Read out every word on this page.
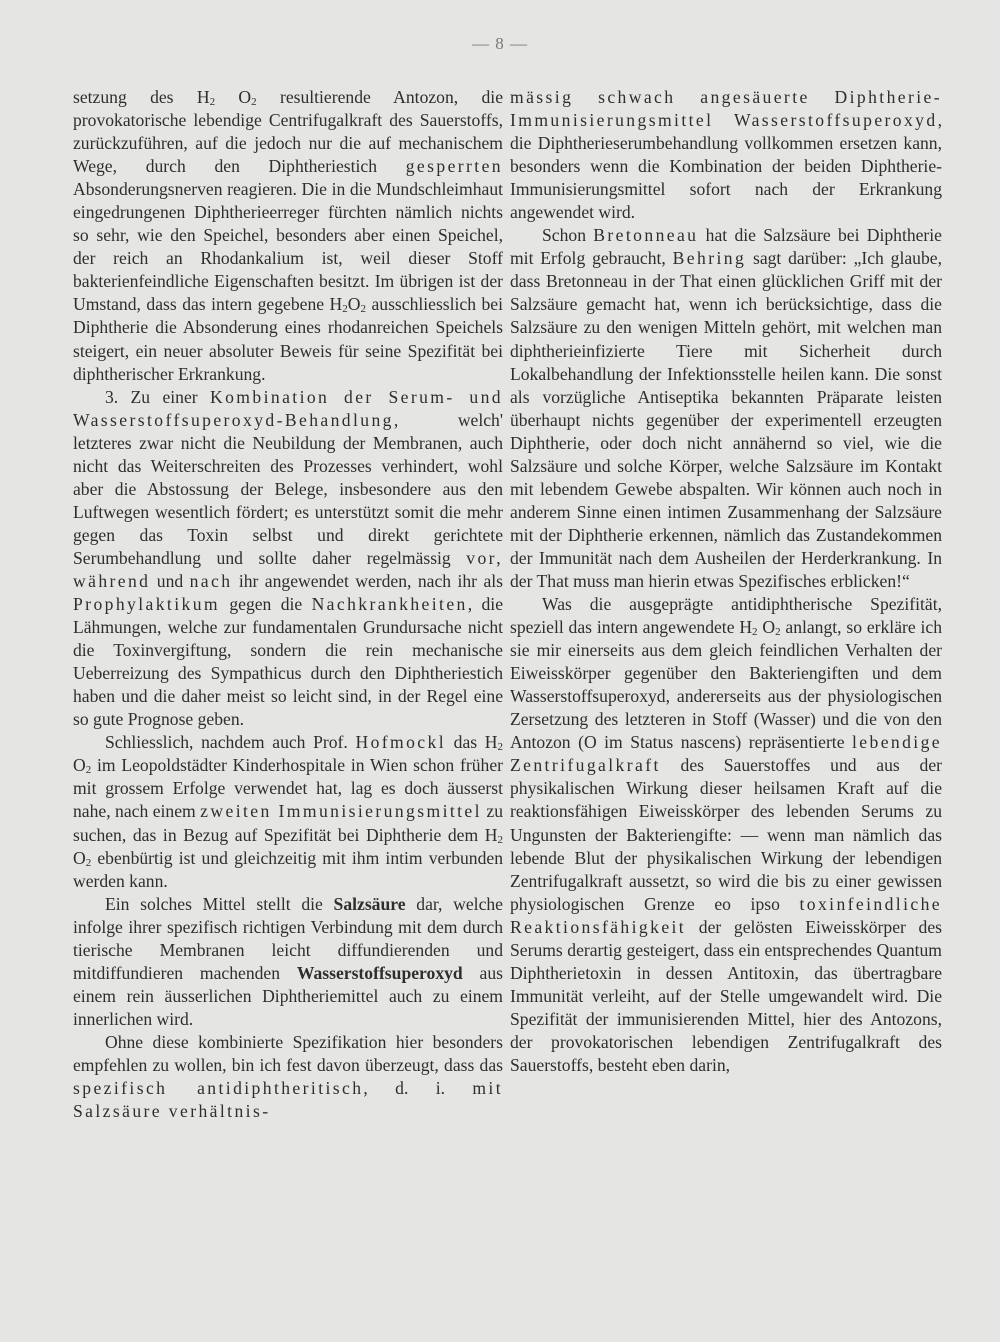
— 8 —

setzung des $H_2$ $O_2$ resultierende Antozon, die provokatorische lebendige Centrifugalkraft des Sauerstoffs, zurückzuführen, auf die jedoch nur die auf mechanischem Wege, durch den Diphtheriestich gesperrten Absonderungsnerven reagieren. Die in die Mundschleimhaut eingedrungenen Diphtherieerreger fürchten nämlich nichts so sehr, wie den Speichel, besonders aber einen Speichel, der reich an Rhodankalium ist, weil dieser Stoff bakterienfeindliche Eigenschaften besitzt. Im übrigen ist der Umstand, dass das intern gegebene $H_2O_2$ ausschliesslich bei Diphtherie die Absonderung eines rhodanreichen Speichels steigert, ein neuer absoluter Beweis für seine Spezifität bei diphtherischer Erkrankung.

3. Zu einer Kombination der Serum- und Wasserstoffsuperoxyd-Behandlung, welch' letzteres zwar nicht die Neubildung der Membranen, auch nicht das Weiterschreiten des Prozesses verhindert, wohl aber die Abstossung der Belege, insbesondere aus den Luftwegen wesentlich fördert; es unterstützt somit die mehr gegen das Toxin selbst und direkt gerichtete Serumbehandlung und sollte daher regelmässig vor, während und nach ihr angewendet werden, nach ihr als Prophylaktikum gegen die Nachkrankheiten, die Lähmungen, welche zur fundamentalen Grundursache nicht die Toxinvergiftung, sondern die rein mechanische Ueberreizung des Sympathicus durch den Diphtheriestich haben und die daher meist so leicht sind, in der Regel eine so gute Prognose geben.

Schliesslich, nachdem auch Prof. Hofmockl das $H_2$ $O_2$ im Leopoldstädter Kinderhospitale in Wien schon früher mit grossem Erfolge verwendet hat, lag es doch äusserst nahe, nach einem zweiten Immunisierungsmittel zu suchen, das in Bezug auf Spezifität bei Diphtherie dem $H_2$ $O_2$ ebenbürtig ist und gleichzeitig mit ihm intim verbunden werden kann.

Ein solches Mittel stellt die Salzsäure dar, welche infolge ihrer spezifisch richtigen Verbindung mit dem durch tierische Membranen leicht diffundierenden und mitdiffundieren machenden Wasserstoffsuperoxyd aus einem rein äusserlichen Diphtheriemittel auch zu einem innerlichen wird.

Ohne diese kombinierte Spezifikation hier besonders empfehlen zu wollen, bin ich fest davon überzeugt, dass das spezifisch antidiphtheritisch, d. i. mit Salzsäure verhältnis-

mässig schwach angesäuerte Diphtherie-Immunisierungsmittel Wasserstoffsuperoxyd, die Diphtherieserumbehandlung vollkommen ersetzen kann, besonders wenn die Kombination der beiden Diphtherie-Immunisierungsmittel sofort nach der Erkrankung angewendet wird.

Schon Bretonneau hat die Salzsäure bei Diphtherie mit Erfolg gebraucht, Behring sagt darüber: „Ich glaube, dass Bretonneau in der That einen glücklichen Griff mit der Salzsäure gemacht hat, wenn ich berücksichtige, dass die Salzsäure zu den wenigen Mitteln gehört, mit welchen man diphtherieinfizierte Tiere mit Sicherheit durch Lokalbehandlung der Infektionsstelle heilen kann. Die sonst als vorzügliche Antiseptika bekannten Präparate leisten überhaupt nichts gegenüber der experimentell erzeugten Diphtherie, oder doch nicht annähernd so viel, wie die Salzsäure und solche Körper, welche Salzsäure im Kontakt mit lebendem Gewebe abspalten. Wir können auch noch in anderem Sinne einen intimen Zusammenhang der Salzsäure mit der Diphtherie erkennen, nämlich das Zustandekommen der Immunität nach dem Ausheilen der Herderkrankung. In der That muss man hierin etwas Spezifisches erblicken!“

Was die ausgeprägte antidiphtherische Spezifität, speziell das intern angewendete $H_2$ $O_2$ anlangt, so erkläre ich sie mir einerseits aus dem gleich feindlichen Verhalten der Eiweisskörper gegenüber den Bakteriengiften und dem Wasserstoffsuperoxyd, andererseits aus der physiologischen Zersetzung des letzteren in Stoff (Wasser) und die von den Antozon (O im Status nascens) repräsentierte lebendige Zentrifugalkraft des Sauerstoffes und aus der physikalischen Wirkung dieser heilsamen Kraft auf die reaktionsfähigen Eiweisskörper des lebenden Serums zu Ungunsten der Bakteriengifte: — wenn man nämlich das lebende Blut der physikalischen Wirkung der lebendigen Zentrifugalkraft aussetzt, so wird die bis zu einer gewissen physiologischen Grenze eo ipso toxinfeindliche Reaktionsfähigkeit der gelösten Eiweisskörper des Serums derartig gesteigert, dass ein entsprechendes Quantum Diphtherietoxin in dessen Antitoxin, das übertragbare Immunität verleiht, auf der Stelle umgewandelt wird. Die Spezifität der immunisierenden Mittel, hier des Antozons, der provokatorischen lebendigen Zentrifugalkraft des Sauerstoffs, besteht eben darin,
